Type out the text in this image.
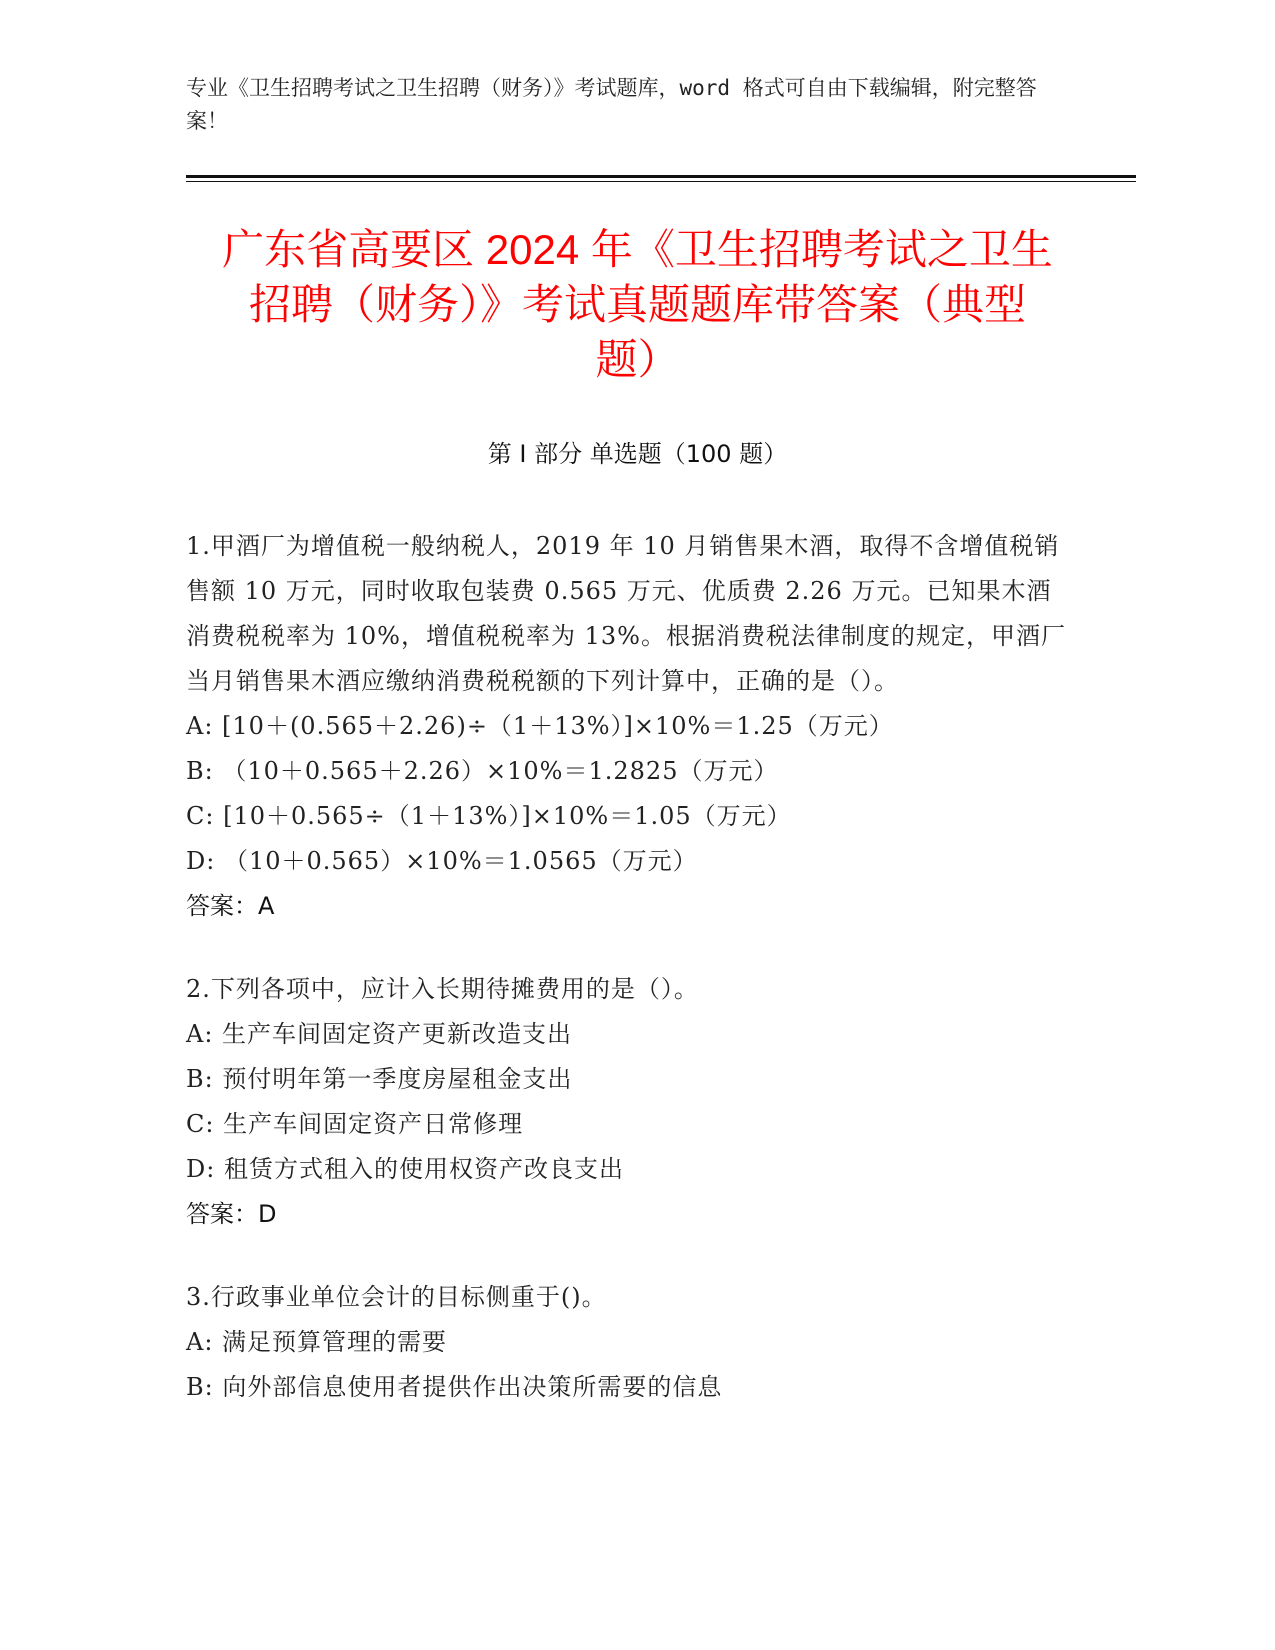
专业《卫生招聘考试之卫生招聘（财务）》考试题库，word 格式可自由下载编辑，附完整答案！
广东省高要区 2024 年《卫生招聘考试之卫生
招聘（财务）》考试真题题库带答案（典型
题）
第 I 部分 单选题（100 题）
1.甲酒厂为增值税一般纳税人，2019 年 10 月销售果木酒，取得不含增值税销售额 10 万元，同时收取包装费 0.565 万元、优质费 2.26 万元。已知果木酒消费税税率为 10%，增值税税率为 13%。根据消费税法律制度的规定，甲酒厂当月销售果木酒应缴纳消费税税额的下列计算中，正确的是（）。
A: [10＋(0.565＋2.26)÷（1＋13%）]×10%＝1.25（万元）
B: （10＋0.565＋2.26）×10%＝1.2825（万元）
C: [10＋0.565÷（1＋13%）]×10%＝1.05（万元）
D: （10＋0.565）×10%＝1.0565（万元）
答案：A
2.下列各项中，应计入长期待摊费用的是（）。
A: 生产车间固定资产更新改造支出
B: 预付明年第一季度房屋租金支出
C: 生产车间固定资产日常修理
D: 租赁方式租入的使用权资产改良支出
答案：D
3.行政事业单位会计的目标侧重于()。
A: 满足预算管理的需要
B: 向外部信息使用者提供作出决策所需要的信息
